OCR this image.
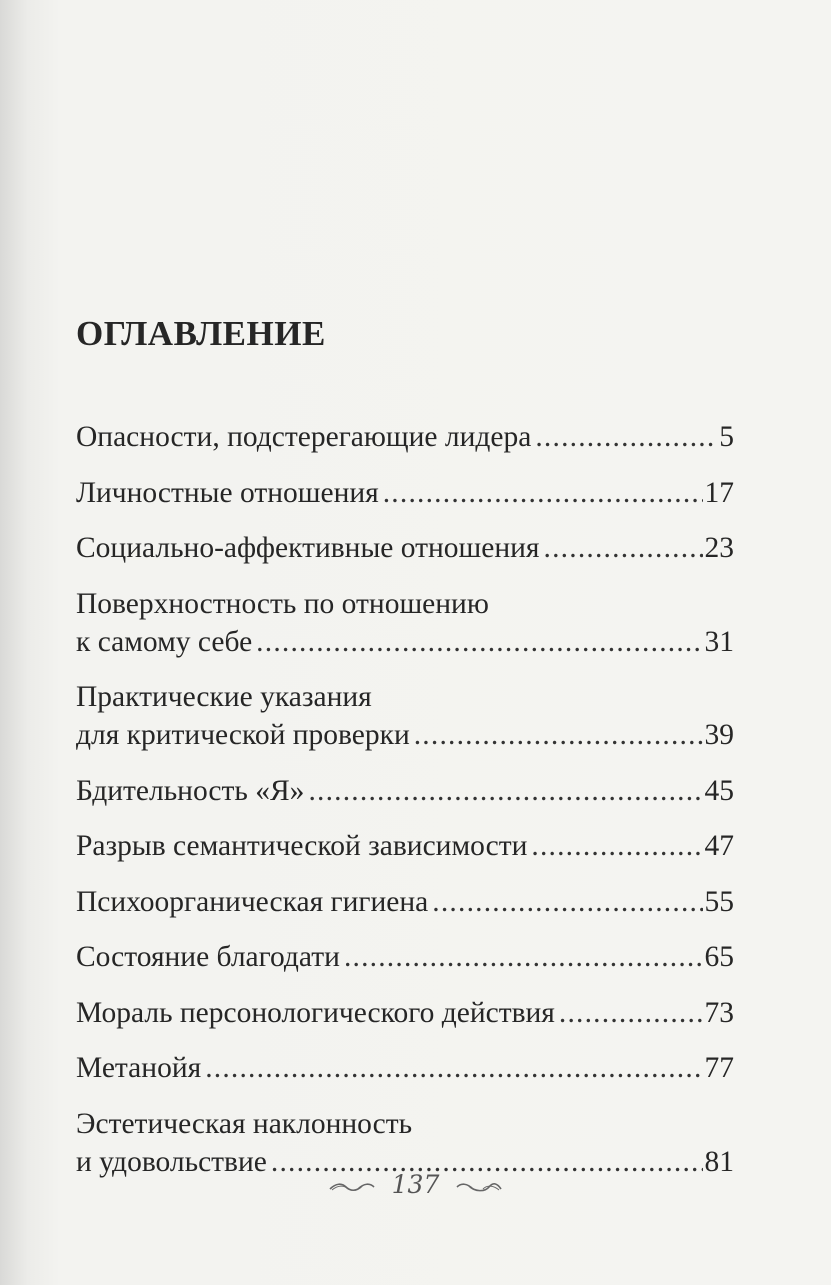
ОГЛАВЛЕНИЕ
Опасности, подстерегающие лидера .....	5
Личностные отношения .....	17
Социально-аффективные отношения .....	23
Поверхностность по отношению
к самому себе .....	31
Практические указания
для критической проверки .....	39
Бдительность «Я» .....	45
Разрыв семантической зависимости .....	47
Психоорганическая гигиена .....	55
Состояние благодати .....	65
Мораль персонологического действия .....	73
Метанойя .....	77
Эстетическая наклонность
и удовольствие .....	81
137
